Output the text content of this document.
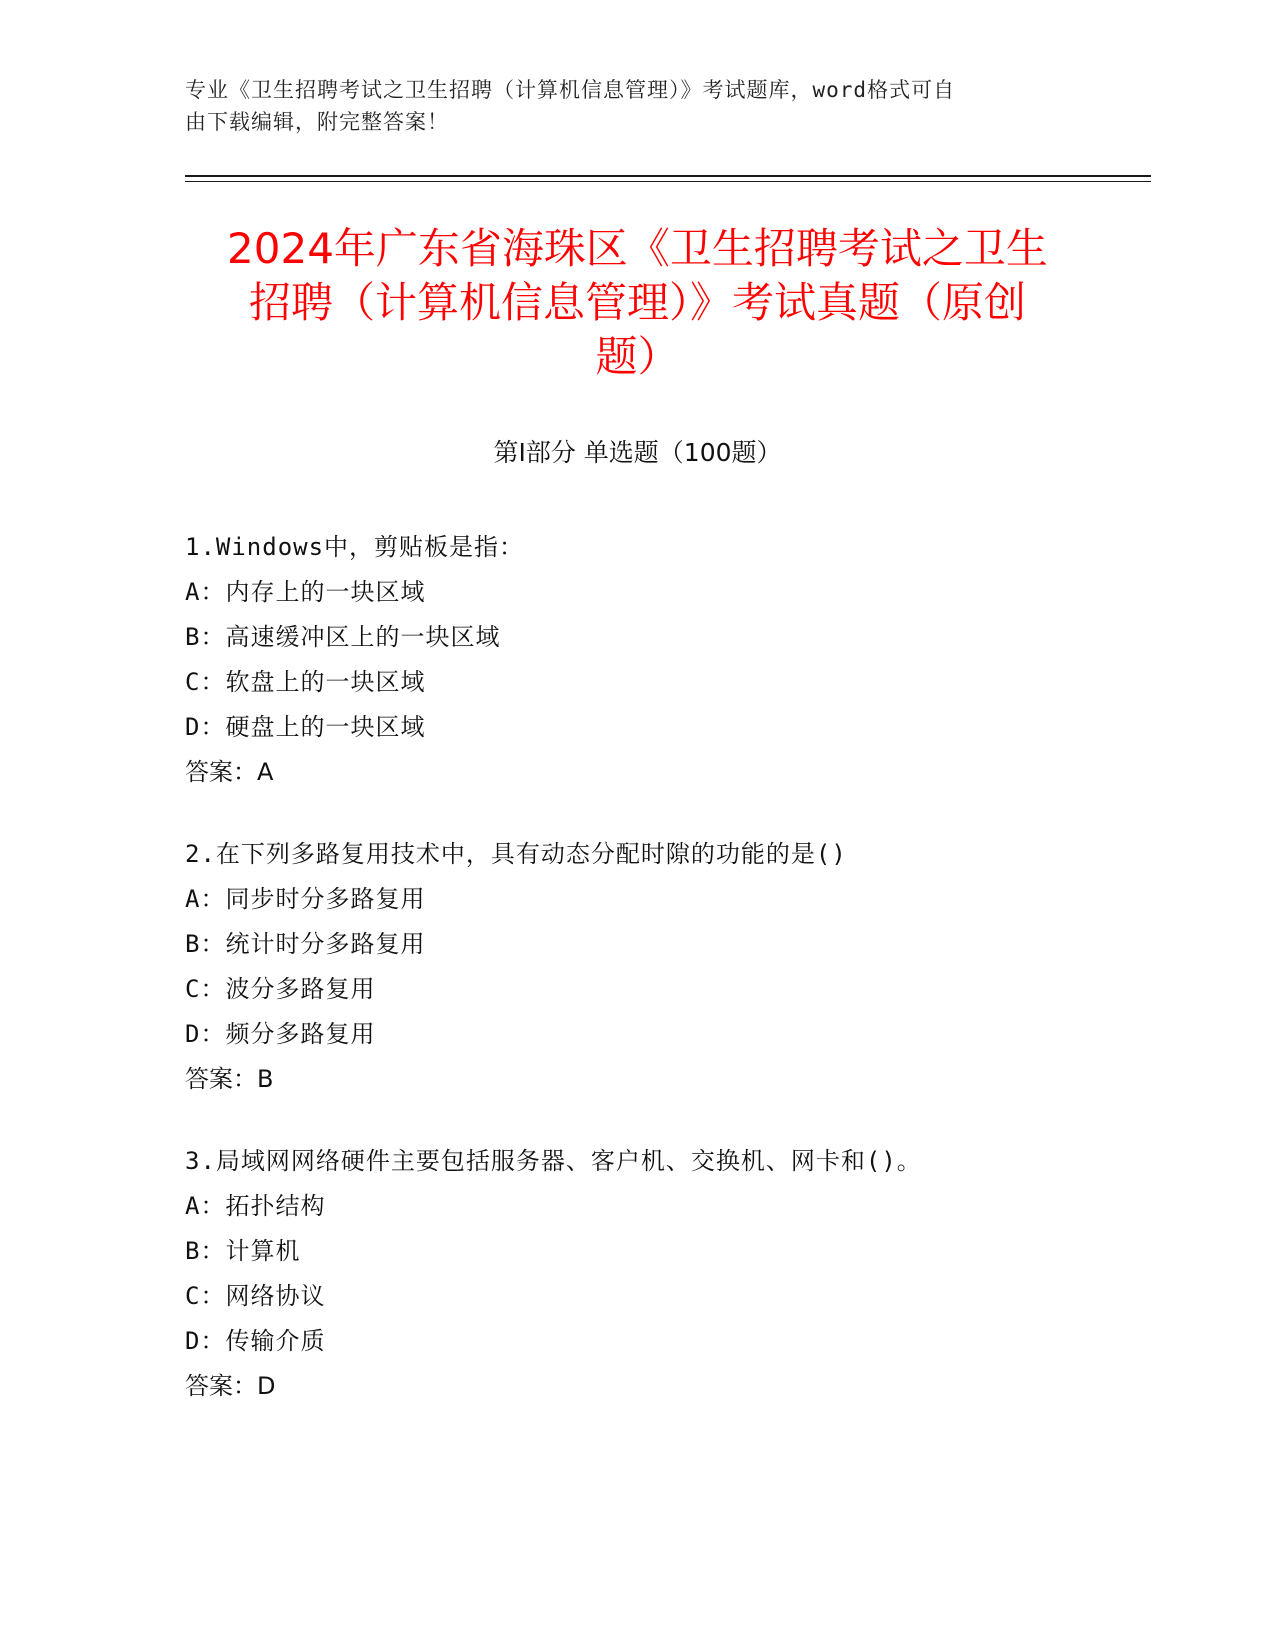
专业《卫生招聘考试之卫生招聘（计算机信息管理）》考试题库，word格式可自
由下载编辑，附完整答案！
2024年广东省海珠区《卫生招聘考试之卫生
招聘（计算机信息管理）》考试真题（原创
题）
第Ⅰ部分 单选题（100题）
1.Windows中，剪贴板是指：
A：内存上的一块区域
B：高速缓冲区上的一块区域
C：软盘上的一块区域
D：硬盘上的一块区域
答案：A
2.在下列多路复用技术中，具有动态分配时隙的功能的是()
A：同步时分多路复用
B：统计时分多路复用
C：波分多路复用
D：频分多路复用
答案：B
3.局域网网络硬件主要包括服务器、客户机、交换机、网卡和()。
A：拓扑结构
B：计算机
C：网络协议
D：传输介质
答案：D
